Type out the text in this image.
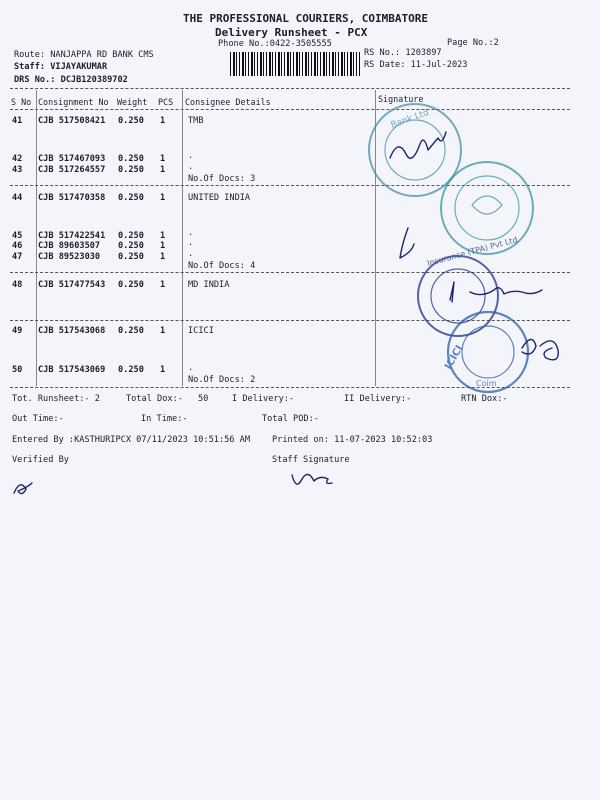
THE PROFESSIONAL COURIERS, COIMBATORE
Delivery Runsheet - PCX
Phone No.:0422-3505555	Page No.:2
Route: NANJAPPA RD BANK CMS
Staff: VIJAYAKUMAR
DRS No.: DCJB120389702
RS No.: 1203897
RS Date: 11-Jul-2023
S No Consignment No Weight PCS Consignee Details	Signature
41 CJB 517508421 0.250 1	TMB
42 CJB 517467093 0.250 1	.
43 CJB 517264557 0.250 1	.
No.Of Docs: 3
44 CJB 517470358 0.250 1	UNITED INDIA
45 CJB 517422541 0.250 1	.
46 CJB 89603507 0.250 1	.
47 CJB 89523030 0.250 1	.
No.Of Docs: 4
48 CJB 517477543 0.250 1	MD INDIA
49 CJB 517543068 0.250 1	ICICI
50 CJB 517543069 0.250 1	.
No.Of Docs: 2
Tot. Runsheet:- 2	Total Dox:- 50	I Delivery:-	II Delivery:-	RTN Dox:-
Out Time:-	In Time:-	Total POD:-
Entered By :KASTHURIPCX 07/11/2023 10:51:56 AM	Printed on: 11-07-2023 10:52:03
Verified By	Staff Signature
Bank Ltd
Insurance (TPA) Pvt Ltd
ICICI
Coim
